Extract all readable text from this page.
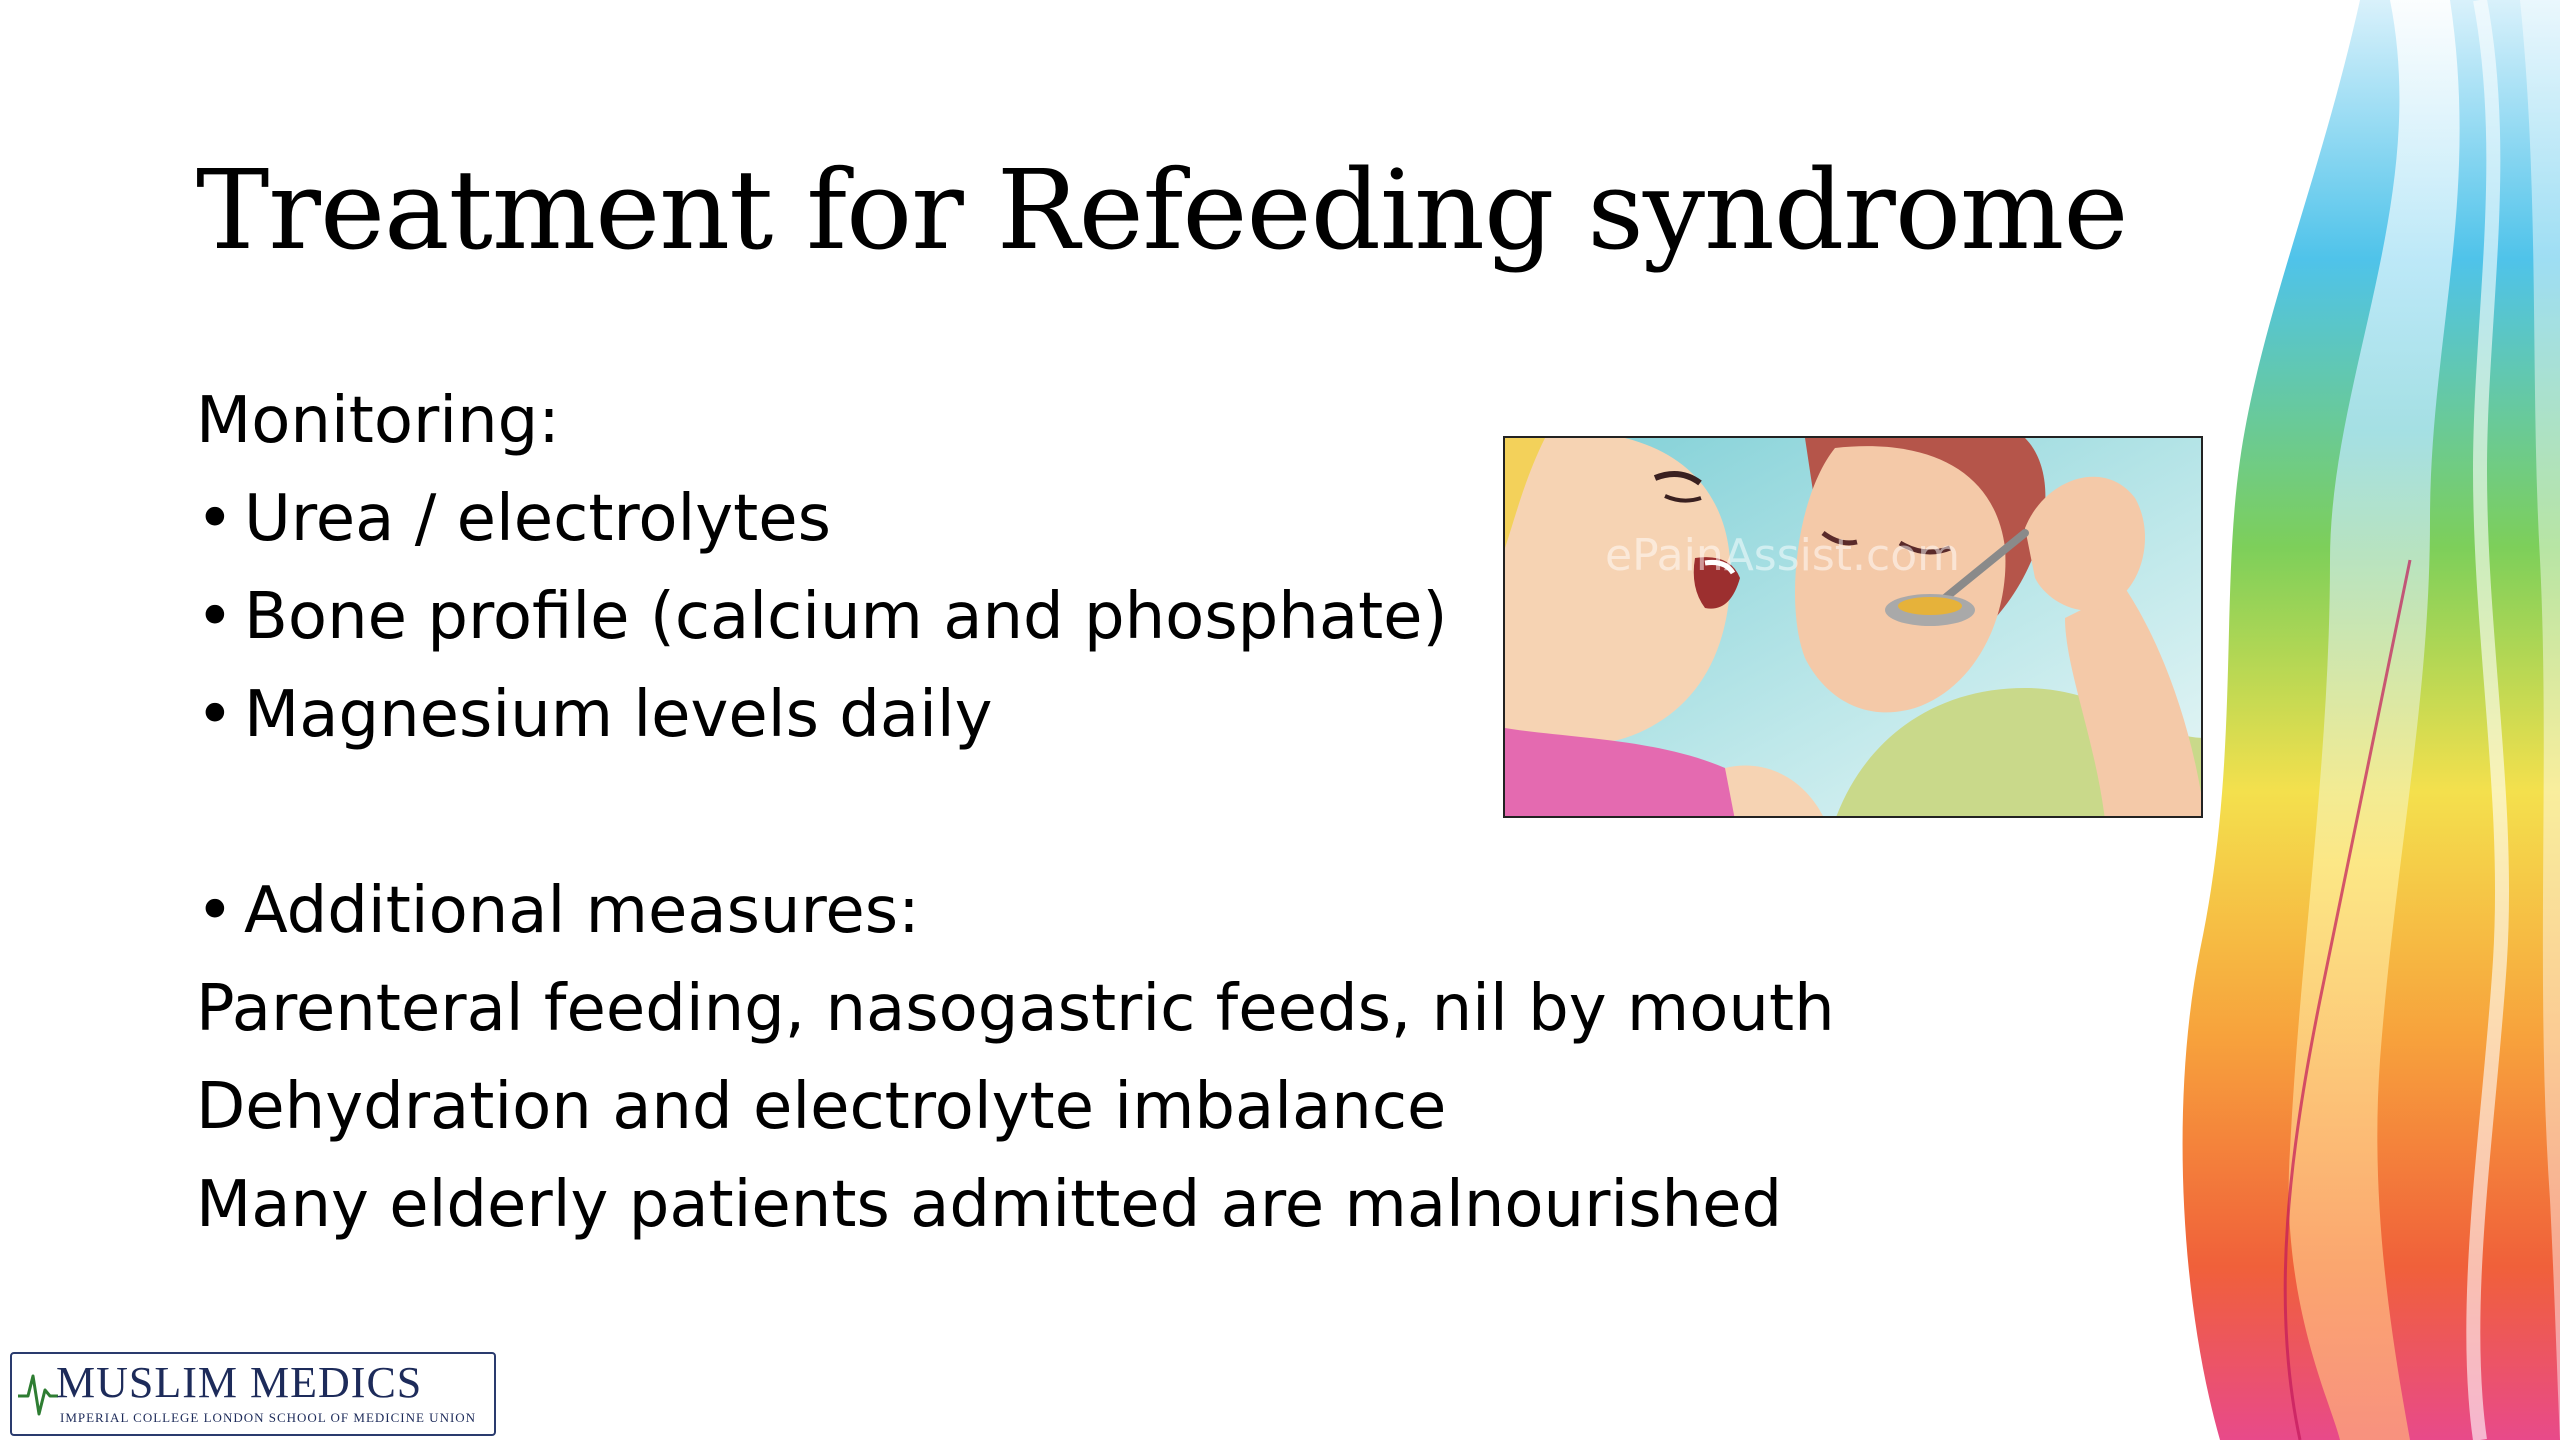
Treatment for Refeeding syndrome
Monitoring:
• Urea / electrolytes
• Bone profile (calcium and phosphate)
• Magnesium levels daily
• Additional measures:
Parenteral feeding, nasogastric feeds, nil by mouth
Dehydration and electrolyte imbalance
Many elderly patients admitted are malnourished
ePainAssist.com
MUSLIM MEDICS
IMPERIAL COLLEGE LONDON SCHOOL OF MEDICINE UNION
